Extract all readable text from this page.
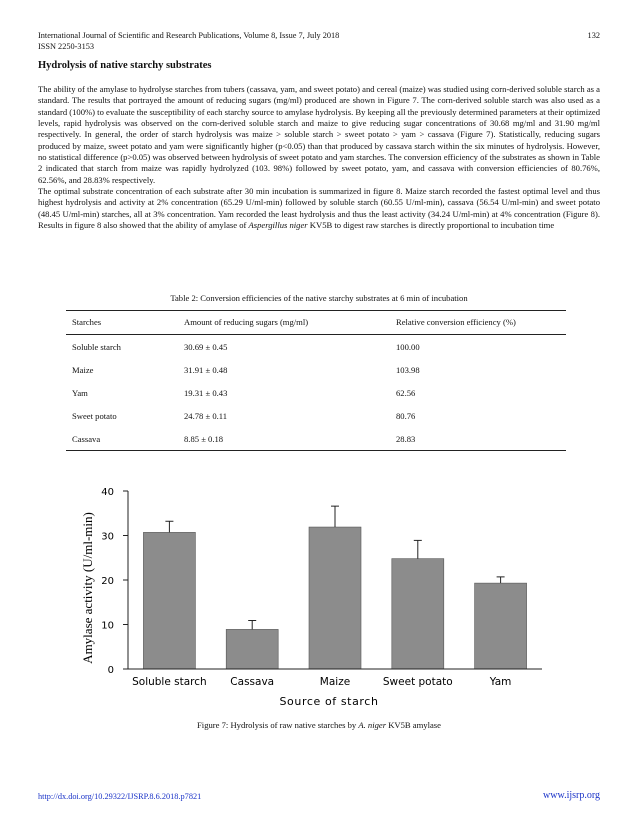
International Journal of Scientific and Research Publications, Volume 8, Issue 7, July 2018
ISSN 2250-3153
132
Hydrolysis of native starchy substrates

The ability of the amylase to hydrolyse starches from tubers (cassava, yam, and sweet potato) and cereal (maize) was studied using corn-derived soluble starch as a standard. The results that portrayed the amount of reducing sugars (mg/ml) produced are shown in Figure 7. The corn-derived soluble starch was also used as a standard (100%) to evaluate the susceptibility of each starchy source to amylase hydrolysis. By keeping all the previously determined parameters at their optimized levels, rapid hydrolysis was observed on the corn-derived soluble starch and maize to give reducing sugar concentrations of 30.68 mg/ml and 31.90 mg/ml respectively. In general, the order of starch hydrolysis was maize > soluble starch > sweet potato > yam > cassava (Figure 7). Statistically, reducing sugars produced by maize, sweet potato and yam were significantly higher (p<0.05) than that produced by cassava starch within the six minutes of hydrolysis. However, no statistical difference (p>0.05) was observed between hydrolysis of sweet potato and yam starches. The conversion efficiency of the substrates as shown in Table 2 indicated that starch from maize was rapidly hydrolyzed (103. 98%) followed by sweet potato, yam, and cassava with conversion efficiencies of 80.76%, 62.56%, and 28.83% respectively.

The optimal substrate concentration of each substrate after 30 min incubation is summarized in figure 8. Maize starch recorded the fastest optimal level and thus highest hydrolysis and activity at 2% concentration (65.29 U/ml-min) followed by soluble starch (60.55 U/ml-min), cassava (56.54 U/ml-min) and sweet potato (48.45 U/ml-min) starches, all at 3% concentration. Yam recorded the least hydrolysis and thus the least activity (34.24 U/ml-min) at 4% concentration (Figure 8). Results in figure 8 also showed that the ability of amylase of Aspergillus niger KV5B to digest raw starches is directly proportional to incubation time

Table 2: Conversion efficiencies of the native starchy substrates at 6 min of incubation
Starches	Amount of reducing sugars (mg/ml)	Relative conversion efficiency (%)
Soluble starch	30.69 ± 0.45	100.00
Maize	31.91 ± 0.48	103.98
Yam	19.31 ± 0.43	62.56
Sweet potato	24.78 ± 0.11	80.76
Cassava	8.85 ± 0.18	28.83
0
10
20
30
40
Soluble starch Cassava	Maize	Sweet potato	Yam
Amylase activity (U/ml-min)
Source of starch
Figure 7: Hydrolysis of raw native starches by A. niger KV5B amylase
http://dx.doi.org/10.29322/IJSRP.8.6.2018.p7821	www.ijsrp.org
